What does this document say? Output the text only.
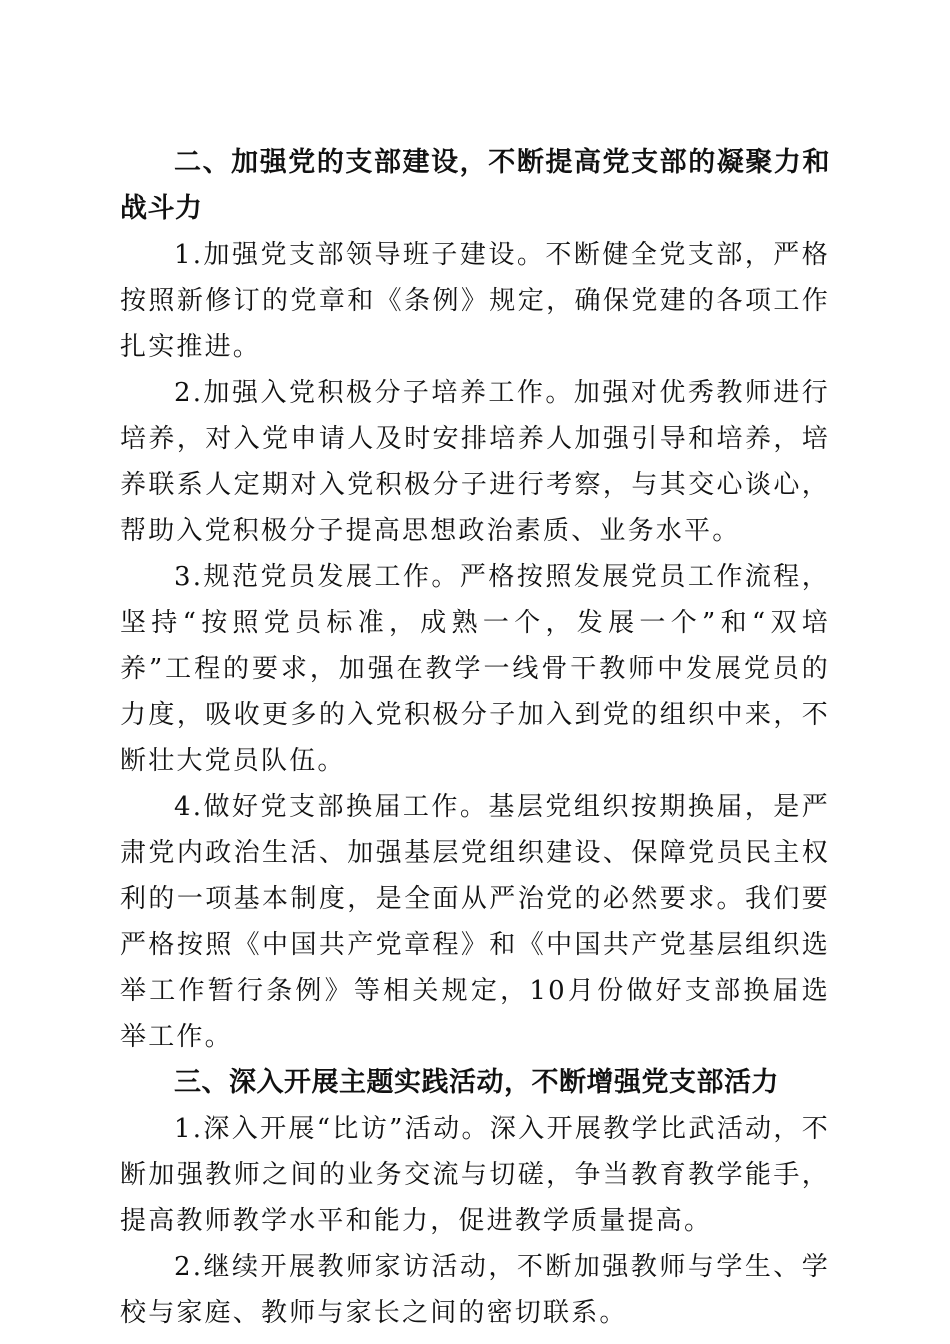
二、加强党的支部建设，不断提高党支部的凝聚力和战斗力

1.加强党支部领导班子建设。不断健全党支部，严格按照新修订的党章和《条例》规定，确保党建的各项工作扎实推进。

2.加强入党积极分子培养工作。加强对优秀教师进行培养，对入党申请人及时安排培养人加强引导和培养，培养联系人定期对入党积极分子进行考察，与其交心谈心，帮助入党积极分子提高思想政治素质、业务水平。

3.规范党员发展工作。严格按照发展党员工作流程，坚持“按照党员标准，成熟一个，发展一个”和“双培养”工程的要求，加强在教学一线骨干教师中发展党员的力度，吸收更多的入党积极分子加入到党的组织中来，不断壮大党员队伍。

4.做好党支部换届工作。基层党组织按期换届，是严肃党内政治生活、加强基层党组织建设、保障党员民主权利的一项基本制度，是全面从严治党的必然要求。我们要严格按照《中国共产党章程》和《中国共产党基层组织选举工作暂行条例》等相关规定，10月份做好支部换届选举工作。

三、深入开展主题实践活动，不断增强党支部活力

1.深入开展“比访”活动。深入开展教学比武活动，不断加强教师之间的业务交流与切磋，争当教育教学能手，提高教师教学水平和能力，促进教学质量提高。

2.继续开展教师家访活动，不断加强教师与学生、学校与家庭、教师与家长之间的密切联系。
